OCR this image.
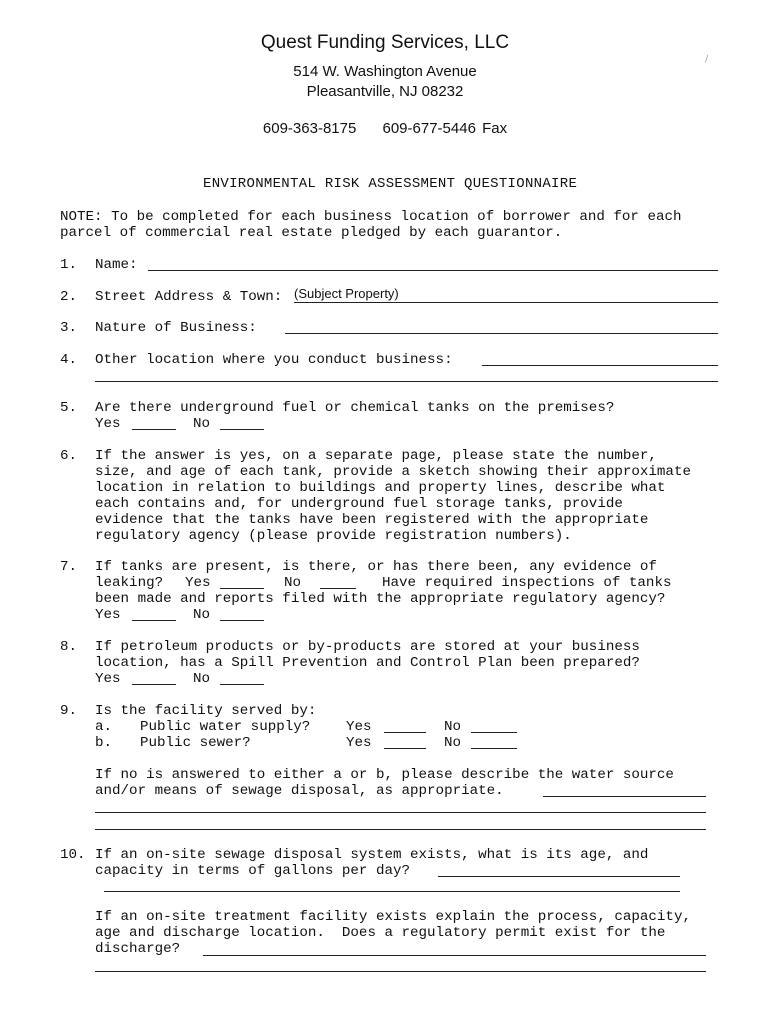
Quest Funding Services, LLC
514 W. Washington Avenue
Pleasantville, NJ 08232
609-363-8175 609-677-5446 Fax
⁄
ENVIRONMENTAL RISK ASSESSMENT QUESTIONNAIRE
NOTE: To be completed for each business location of borrower and for each
parcel of commercial real estate pledged by each guarantor.
1. Name:
2. Street Address & Town: (Subject Property)
3. Nature of Business:
4. Other location where you conduct business:
5. Are there underground fuel or chemical tanks on the premises?
Yes	No
6. If the answer is yes, on a separate page, please state the number,
size, and age of each tank, provide a sketch showing their approximate
location in relation to buildings and property lines, describe what
each contains and, for underground fuel storage tanks, provide
evidence that the tanks have been registered with the appropriate
regulatory agency (please provide registration numbers).
7. If tanks are present, is there, or has there been, any evidence of
leaking? Yes	No	Have required inspections of tanks
been made and reports filed with the appropriate regulatory agency?
Yes	No
8. If petroleum products or by-products are stored at your business
location, has a Spill Prevention and Control Plan been prepared?
Yes	No
9. Is the facility served by:
a. Public water supply?	Yes	No
b. Public sewer?	Yes	No
If no is answered to either a or b, please describe the water source
and/or means of sewage disposal, as appropriate.
10. If an on-site sewage disposal system exists, what is its age, and
capacity in terms of gallons per day?
If an on-site treatment facility exists explain the process, capacity,
age and discharge location.  Does a regulatory permit exist for the
discharge?
